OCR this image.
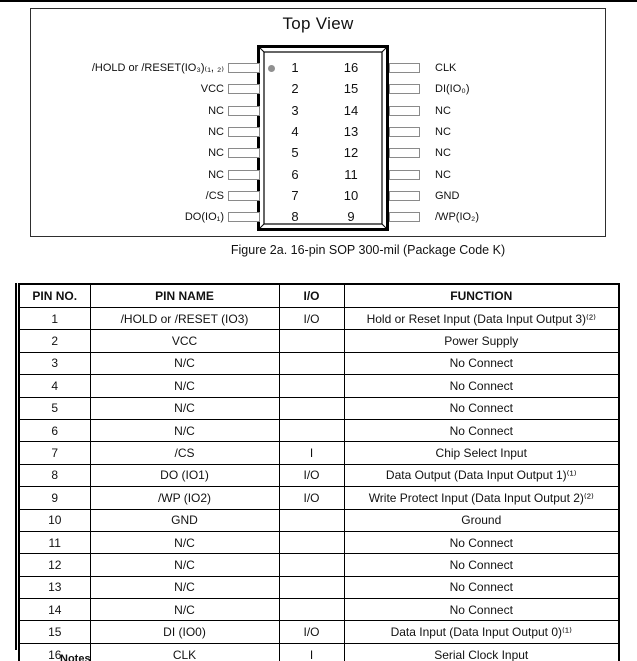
Top View
1	16
2	15
3	14
4	13
5	12
6	11
7	10
8	9
/HOLD or /RESET(IO₃)₍₁, ₂₎	CLK
VCC	DI(IO₀)
NC	NC
NC	NC
NC	NC
NC	NC
/CS	GND
DO(IO₁)	/WP(IO₂)
Figure 2a. 16-pin SOP 300-mil (Package Code K)
PIN NO.	PIN NAME	I/O	FUNCTION
1	/HOLD or /RESET (IO3)	I/O	Hold or Reset Input (Data Input Output 3)⁽²⁾
2	VCC		Power Supply
3	N/C		No Connect
4	N/C		No Connect
5	N/C		No Connect
6	N/C		No Connect
7	/CS	I	Chip Select Input
8	DO (IO1)	I/O	Data Output (Data Input Output 1)⁽¹⁾
9	/WP (IO2)	I/O	Write Protect Input (Data Input Output 2)⁽²⁾
10	GND		Ground
11	N/C		No Connect
12	N/C		No Connect
13	N/C		No Connect
14	N/C		No Connect
15	DI (IO0)	I/O	Data Input (Data Input Output 0)⁽¹⁾
16	CLK	I	Serial Clock Input
Notes
